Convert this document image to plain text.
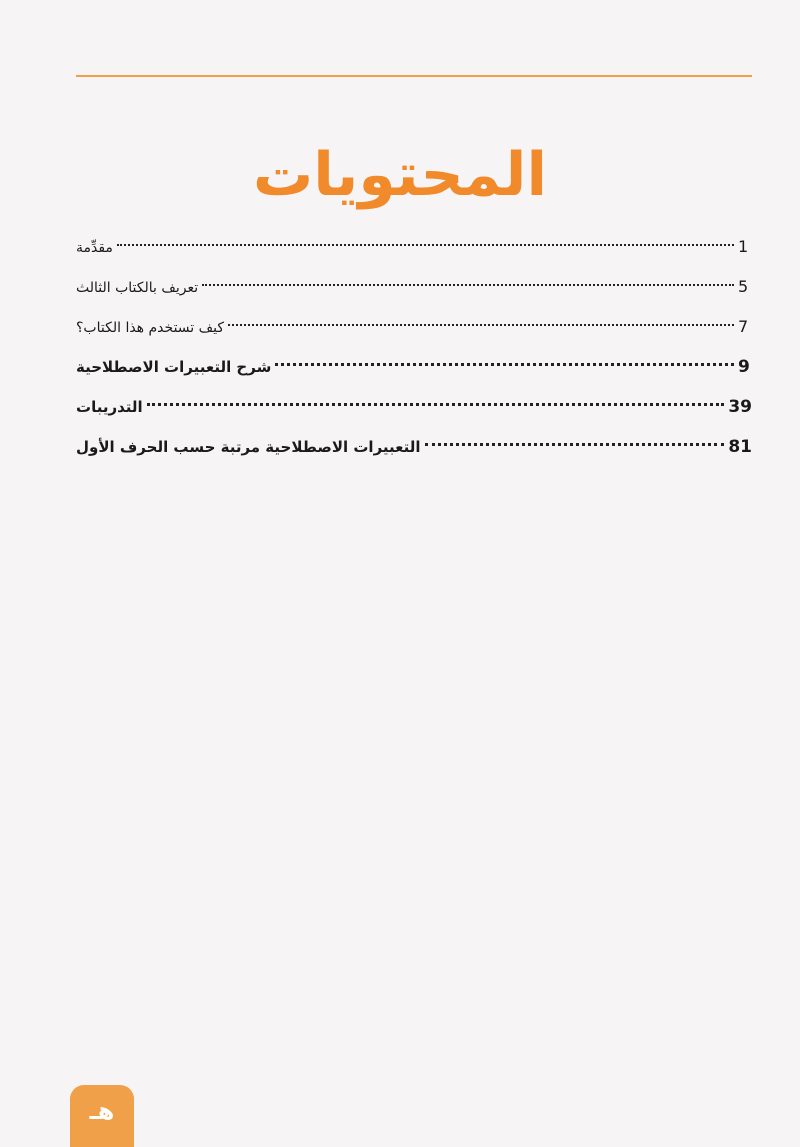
المحتويات
مقدِّمة	1
تعريف بالكتاب الثالث	5
كيف تستخدم هذا الكتاب؟	7
شرح التعبيرات الاصطلاحية	9
التدريبات	39
التعبيرات الاصطلاحية مرتبة حسب الحرف الأول	81
هـ
